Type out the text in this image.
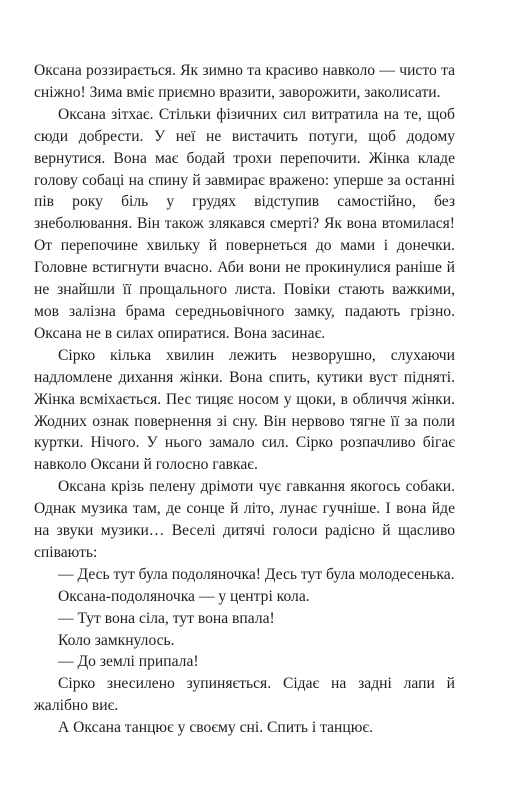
Оксана роззирається. Як зимно та красиво навколо — чисто та сніжно! Зима вміє приємно вразити, заворожити, заколисати.

Оксана зітхає. Стільки фізичних сил витратила на те, щоб сюди добрести. У неї не вистачить потуги, щоб додому вернутися. Вона має бодай трохи перепочити. Жінка кладе голову собаці на спину й завмирає вражено: уперше за останні пів року біль у грудях відступив самостійно, без знеболювання. Він також злякався смерті? Як вона втомилася! От перепочине хвильку й повернеться до мами і донечки. Головне встигнути вчасно. Аби вони не прокинулися раніше й не знайшли її прощального листа. Повіки стають важкими, мов залізна брама середньовічного замку, падають грізно. Оксана не в силах опиратися. Вона засинає.

Сірко кілька хвилин лежить незворушно, слухаючи надломлене дихання жінки. Вона спить, кутики вуст підняті. Жінка всміхається. Пес тицяє носом у щоки, в обличчя жінки. Жодних ознак повернення зі сну. Він нервово тягне її за поли куртки. Нічого. У нього замало сил. Сірко розпачливо бігає навколо Оксани й голосно гавкає.

Оксана крізь пелену дрімоти чує гавкання якогось собаки. Однак музика там, де сонце й літо, лунає гучніше. І вона йде на звуки музики… Веселі дитячі голоси радісно й щасливо співають:

— Десь тут була подоляночка! Десь тут була молодесенька.

Оксана-подоляночка — у центрі кола.

— Тут вона сіла, тут вона впала!

Коло замкнулось.

— До землі припала!

Сірко знесилено зупиняється. Сідає на задні лапи й жалібно виє.

А Оксана танцює у своєму сні. Спить і танцює.
